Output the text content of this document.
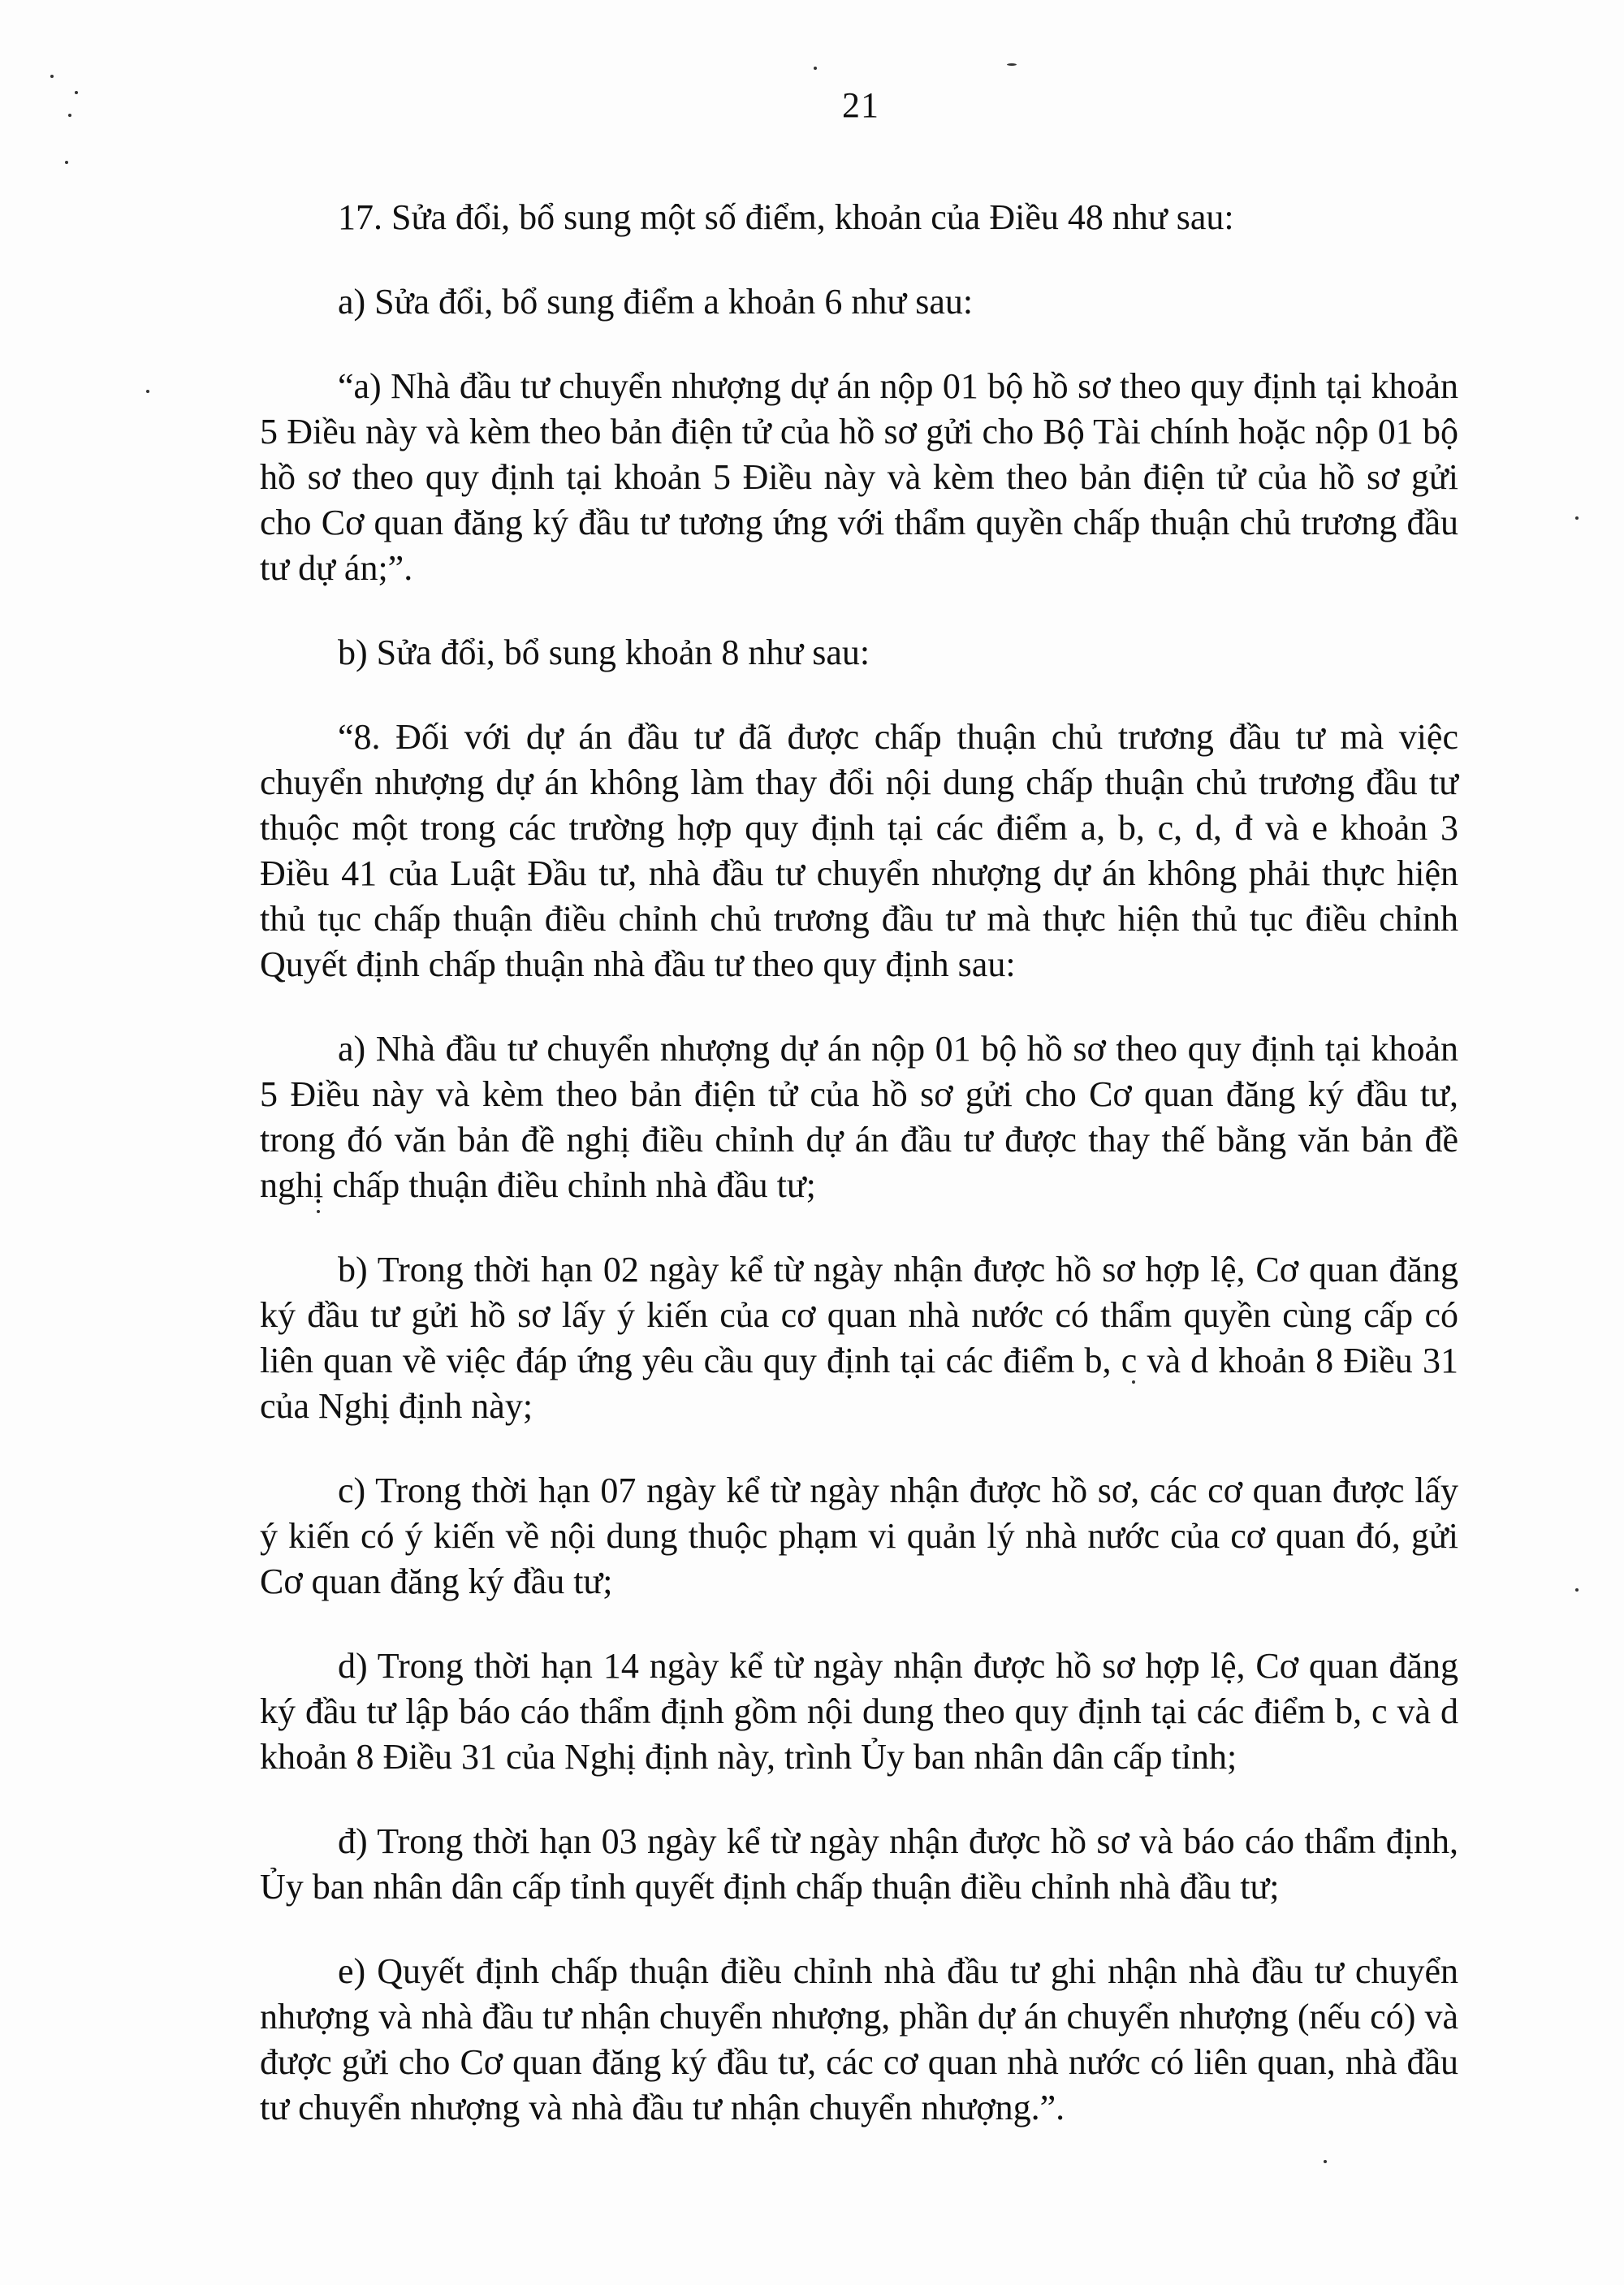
21

17. Sửa đổi, bổ sung một số điểm, khoản của Điều 48 như sau:

a) Sửa đổi, bổ sung điểm a khoản 6 như sau:

“a) Nhà đầu tư chuyển nhượng dự án nộp 01 bộ hồ sơ theo quy định tại khoản 5 Điều này và kèm theo bản điện tử của hồ sơ gửi cho Bộ Tài chính hoặc nộp 01 bộ hồ sơ theo quy định tại khoản 5 Điều này và kèm theo bản điện tử của hồ sơ gửi cho Cơ quan đăng ký đầu tư tương ứng với thẩm quyền chấp thuận chủ trương đầu tư dự án;”.

b) Sửa đổi, bổ sung khoản 8 như sau:

“8. Đối với dự án đầu tư đã được chấp thuận chủ trương đầu tư mà việc chuyển nhượng dự án không làm thay đổi nội dung chấp thuận chủ trương đầu tư thuộc một trong các trường hợp quy định tại các điểm a, b, c, d, đ và e khoản 3 Điều 41 của Luật Đầu tư, nhà đầu tư chuyển nhượng dự án không phải thực hiện thủ tục chấp thuận điều chỉnh chủ trương đầu tư mà thực hiện thủ tục điều chỉnh Quyết định chấp thuận nhà đầu tư theo quy định sau:

a) Nhà đầu tư chuyển nhượng dự án nộp 01 bộ hồ sơ theo quy định tại khoản 5 Điều này và kèm theo bản điện tử của hồ sơ gửi cho Cơ quan đăng ký đầu tư, trong đó văn bản đề nghị điều chỉnh dự án đầu tư được thay thế bằng văn bản đề nghị chấp thuận điều chỉnh nhà đầu tư;

b) Trong thời hạn 02 ngày kể từ ngày nhận được hồ sơ hợp lệ, Cơ quan đăng ký đầu tư gửi hồ sơ lấy ý kiến của cơ quan nhà nước có thẩm quyền cùng cấp có liên quan về việc đáp ứng yêu cầu quy định tại các điểm b, c và d khoản 8 Điều 31 của Nghị định này;

c) Trong thời hạn 07 ngày kể từ ngày nhận được hồ sơ, các cơ quan được lấy ý kiến có ý kiến về nội dung thuộc phạm vi quản lý nhà nước của cơ quan đó, gửi Cơ quan đăng ký đầu tư;

d) Trong thời hạn 14 ngày kể từ ngày nhận được hồ sơ hợp lệ, Cơ quan đăng ký đầu tư lập báo cáo thẩm định gồm nội dung theo quy định tại các điểm b, c và d khoản 8 Điều 31 của Nghị định này, trình Ủy ban nhân dân cấp tỉnh;

đ) Trong thời hạn 03 ngày kể từ ngày nhận được hồ sơ và báo cáo thẩm định, Ủy ban nhân dân cấp tỉnh quyết định chấp thuận điều chỉnh nhà đầu tư;

e) Quyết định chấp thuận điều chỉnh nhà đầu tư ghi nhận nhà đầu tư chuyển nhượng và nhà đầu tư nhận chuyển nhượng, phần dự án chuyển nhượng (nếu có) và được gửi cho Cơ quan đăng ký đầu tư, các cơ quan nhà nước có liên quan, nhà đầu tư chuyển nhượng và nhà đầu tư nhận chuyển nhượng.”.
